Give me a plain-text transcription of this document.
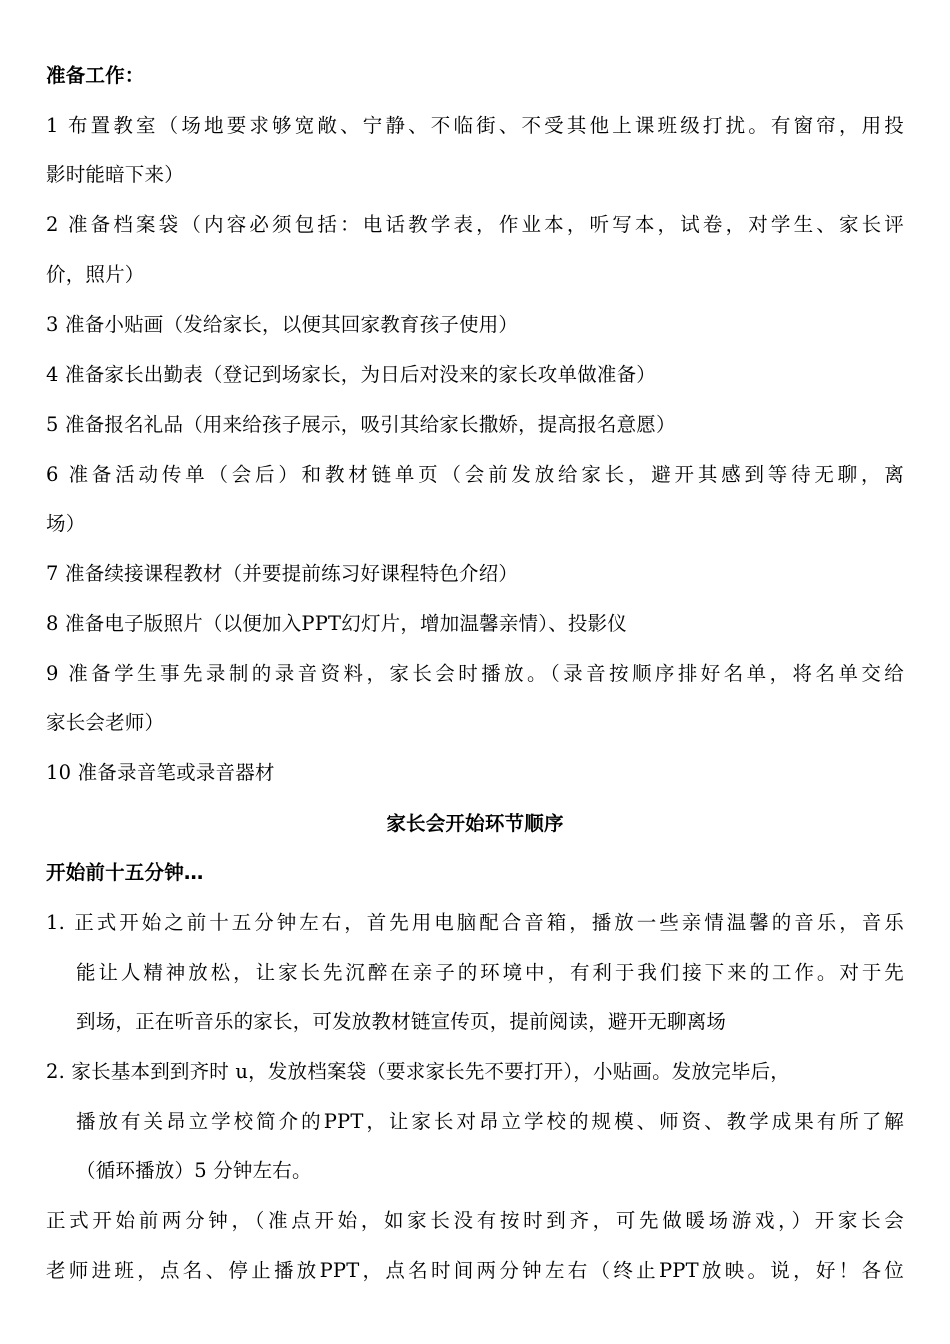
准备工作：
1 布置教室（场地要求够宽敞、宁静、不临街、不受其他上课班级打扰。有窗帘，用投
影时能暗下来）
2 准备档案袋（内容必须包括：电话教学表，作业本，听写本，试卷，对学生、家长评
价，照片）
3 准备小贴画（发给家长，以便其回家教育孩子使用）
4 准备家长出勤表（登记到场家长，为日后对没来的家长攻单做准备）
5 准备报名礼品（用来给孩子展示，吸引其给家长撒娇，提高报名意愿）
6 准备活动传单（会后）和教材链单页（会前发放给家长，避开其感到等待无聊，离
场）
7 准备续接课程教材（并要提前练习好课程特色介绍）
8 准备电子版照片（以便加入PPT幻灯片，增加温馨亲情）、投影仪
9 准备学生事先录制的录音资料，家长会时播放。（录音按顺序排好名单，将名单交给
家长会老师）
10 准备录音笔或录音器材
家长会开始环节顺序
开始前十五分钟…
1. 正式开始之前十五分钟左右，首先用电脑配合音箱，播放一些亲情温馨的音乐，音乐
能让人精神放松，让家长先沉醉在亲子的环境中，有利于我们接下来的工作。对于先
到场，正在听音乐的家长，可发放教材链宣传页，提前阅读，避开无聊离场
2. 家长基本到到齐时 u，发放档案袋（要求家长先不要打开），小贴画。发放完毕后，
播放有关昂立学校简介的PPT，让家长对昂立学校的规模、师资、教学成果有所了解
（循环播放）5 分钟左右。
正式开始前两分钟，（准点开始，如家长没有按时到齐，可先做暖场游戏，）开家长会
老师进班，点名、停止播放PPT，点名时间两分钟左右（终止PPT放映。说，好！各位
